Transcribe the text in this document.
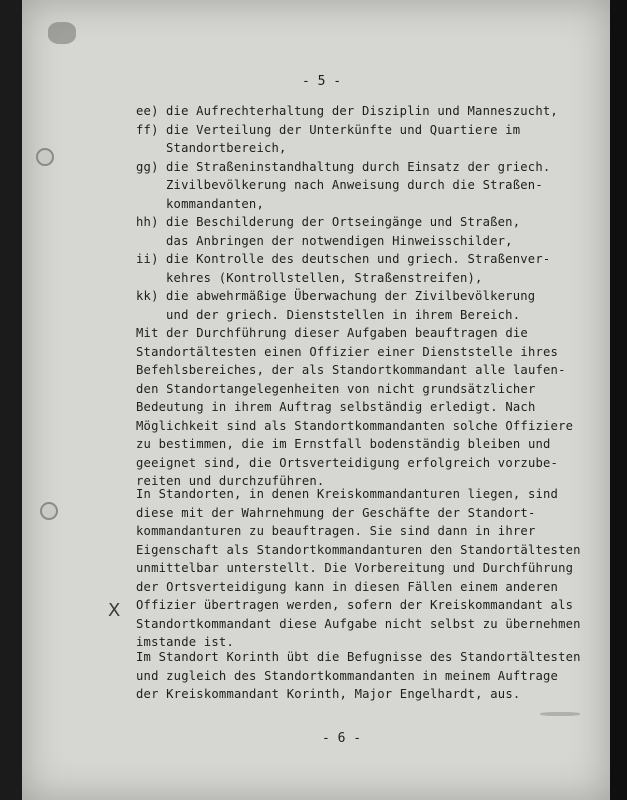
- 5 -

ee)

die Aufrechterhaltung der Disziplin und Manneszucht,

ff)

die Verteilung der Unterkünfte und Quartiere im

Standortbereich,

gg)

die Straßeninstandhaltung durch Einsatz der griech.

Zivilbevölkerung nach Anweisung durch die Straßen-

kommandanten,

hh)

die Beschilderung der Ortseingänge und Straßen,

das Anbringen der notwendigen Hinweisschilder,

ii)

die Kontrolle des deutschen und griech. Straßenver-

kehres (Kontrollstellen, Straßenstreifen),

kk)

die abwehrmäßige Überwachung der Zivilbevölkerung

und der griech. Dienststellen in ihrem Bereich.

Mit der Durchführung dieser Aufgaben beauftragen die

Standortältesten einen Offizier einer Dienststelle ihres

Befehlsbereiches, der als Standortkommandant alle laufen-

den Standortangelegenheiten von nicht grundsätzlicher

Bedeutung in ihrem Auftrag selbständig erledigt. Nach

Möglichkeit sind als Standortkommandanten solche Offiziere

zu bestimmen, die im Ernstfall bodenständig bleiben und

geeignet sind, die Ortsverteidigung erfolgreich vorzube-

reiten und durchzuführen.

In Standorten, in denen Kreiskommandanturen liegen, sind

diese mit der Wahrnehmung der Geschäfte der Standort-

kommandanturen zu beauftragen. Sie sind dann in ihrer

Eigenschaft als Standortkommandanturen den Standortältesten

unmittelbar unterstellt. Die Vorbereitung und Durchführung

der Ortsverteidigung kann in diesen Fällen einem anderen

Offizier übertragen werden, sofern der Kreiskommandant als

Standortkommandant diese Aufgabe nicht selbst zu übernehmen

imstande ist.

X

Im Standort Korinth übt die Befugnisse des Standortältesten

und zugleich des Standortkommandanten in meinem Auftrage

der Kreiskommandant Korinth, Major Engelhardt, aus.

- 6 -
